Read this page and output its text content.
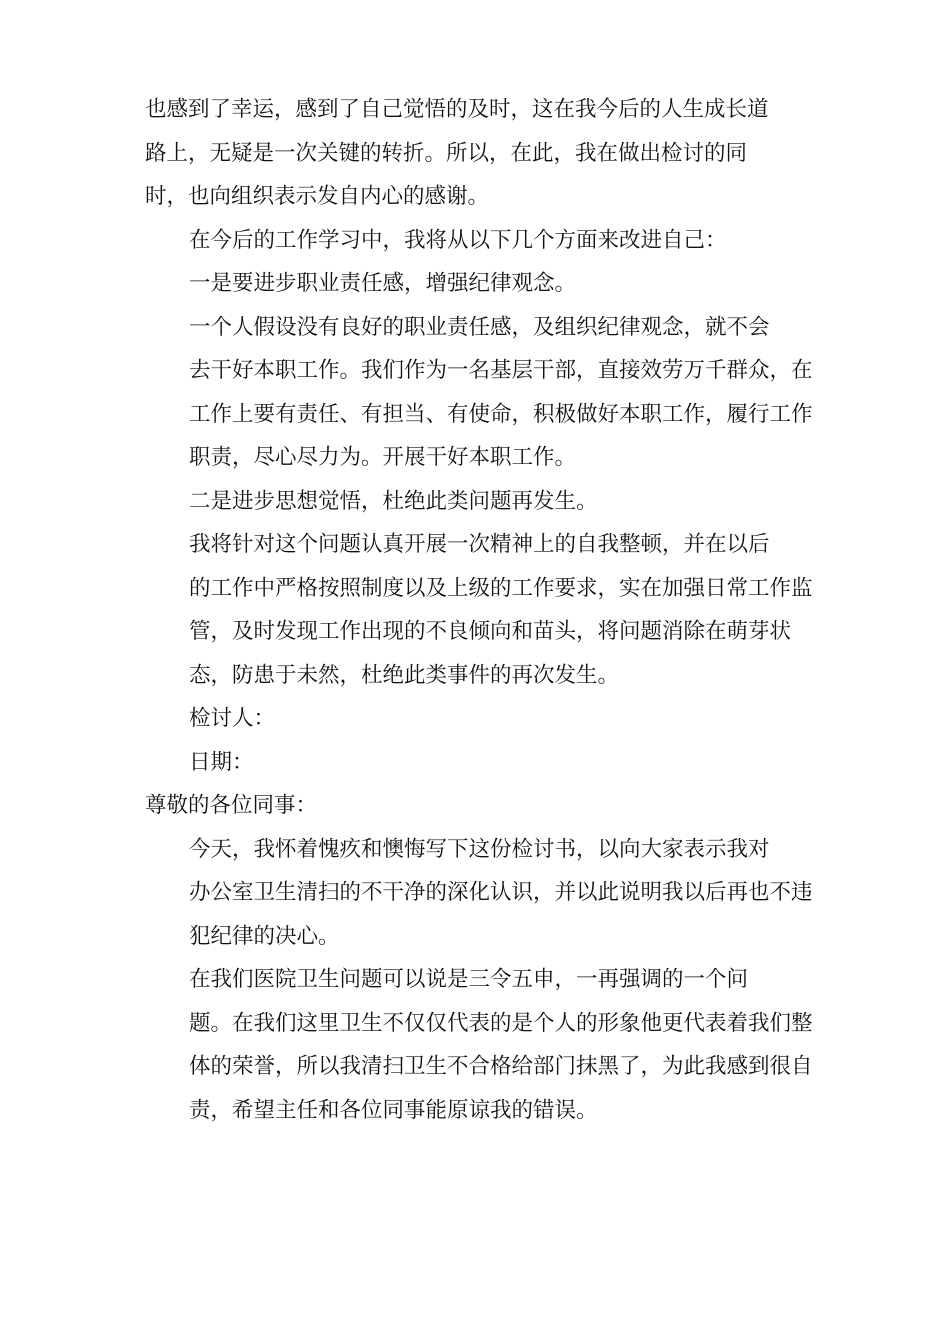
也感到了幸运，感到了自己觉悟的及时，这在我今后的人生成长道
路上，无疑是一次关键的转折。所以，在此，我在做出检讨的同
时，也向组织表示发自内心的感谢。

在今后的工作学习中，我将从以下几个方面来改进自己：

一是要进步职业责任感，增强纪律观念。

一个人假设没有良好的职业责任感，及组织纪律观念，就不会
去干好本职工作。我们作为一名基层干部，直接效劳万千群众，在
工作上要有责任、有担当、有使命，积极做好本职工作，履行工作
职责，尽心尽力为。开展干好本职工作。

二是进步思想觉悟，杜绝此类问题再发生。

我将针对这个问题认真开展一次精神上的自我整顿，并在以后
的工作中严格按照制度以及上级的工作要求，实在加强日常工作监
管，及时发现工作出现的不良倾向和苗头，将问题消除在萌芽状
态，防患于未然，杜绝此类事件的再次发生。

检讨人：

日期：

尊敬的各位同事：

今天，我怀着愧疚和懊悔写下这份检讨书，以向大家表示我对
办公室卫生清扫的不干净的深化认识，并以此说明我以后再也不违
犯纪律的决心。

在我们医院卫生问题可以说是三令五申，一再强调的一个问
题。在我们这里卫生不仅仅代表的是个人的形象他更代表着我们整
体的荣誉，所以我清扫卫生不合格给部门抹黑了，为此我感到很自
责，希望主任和各位同事能原谅我的错误。
